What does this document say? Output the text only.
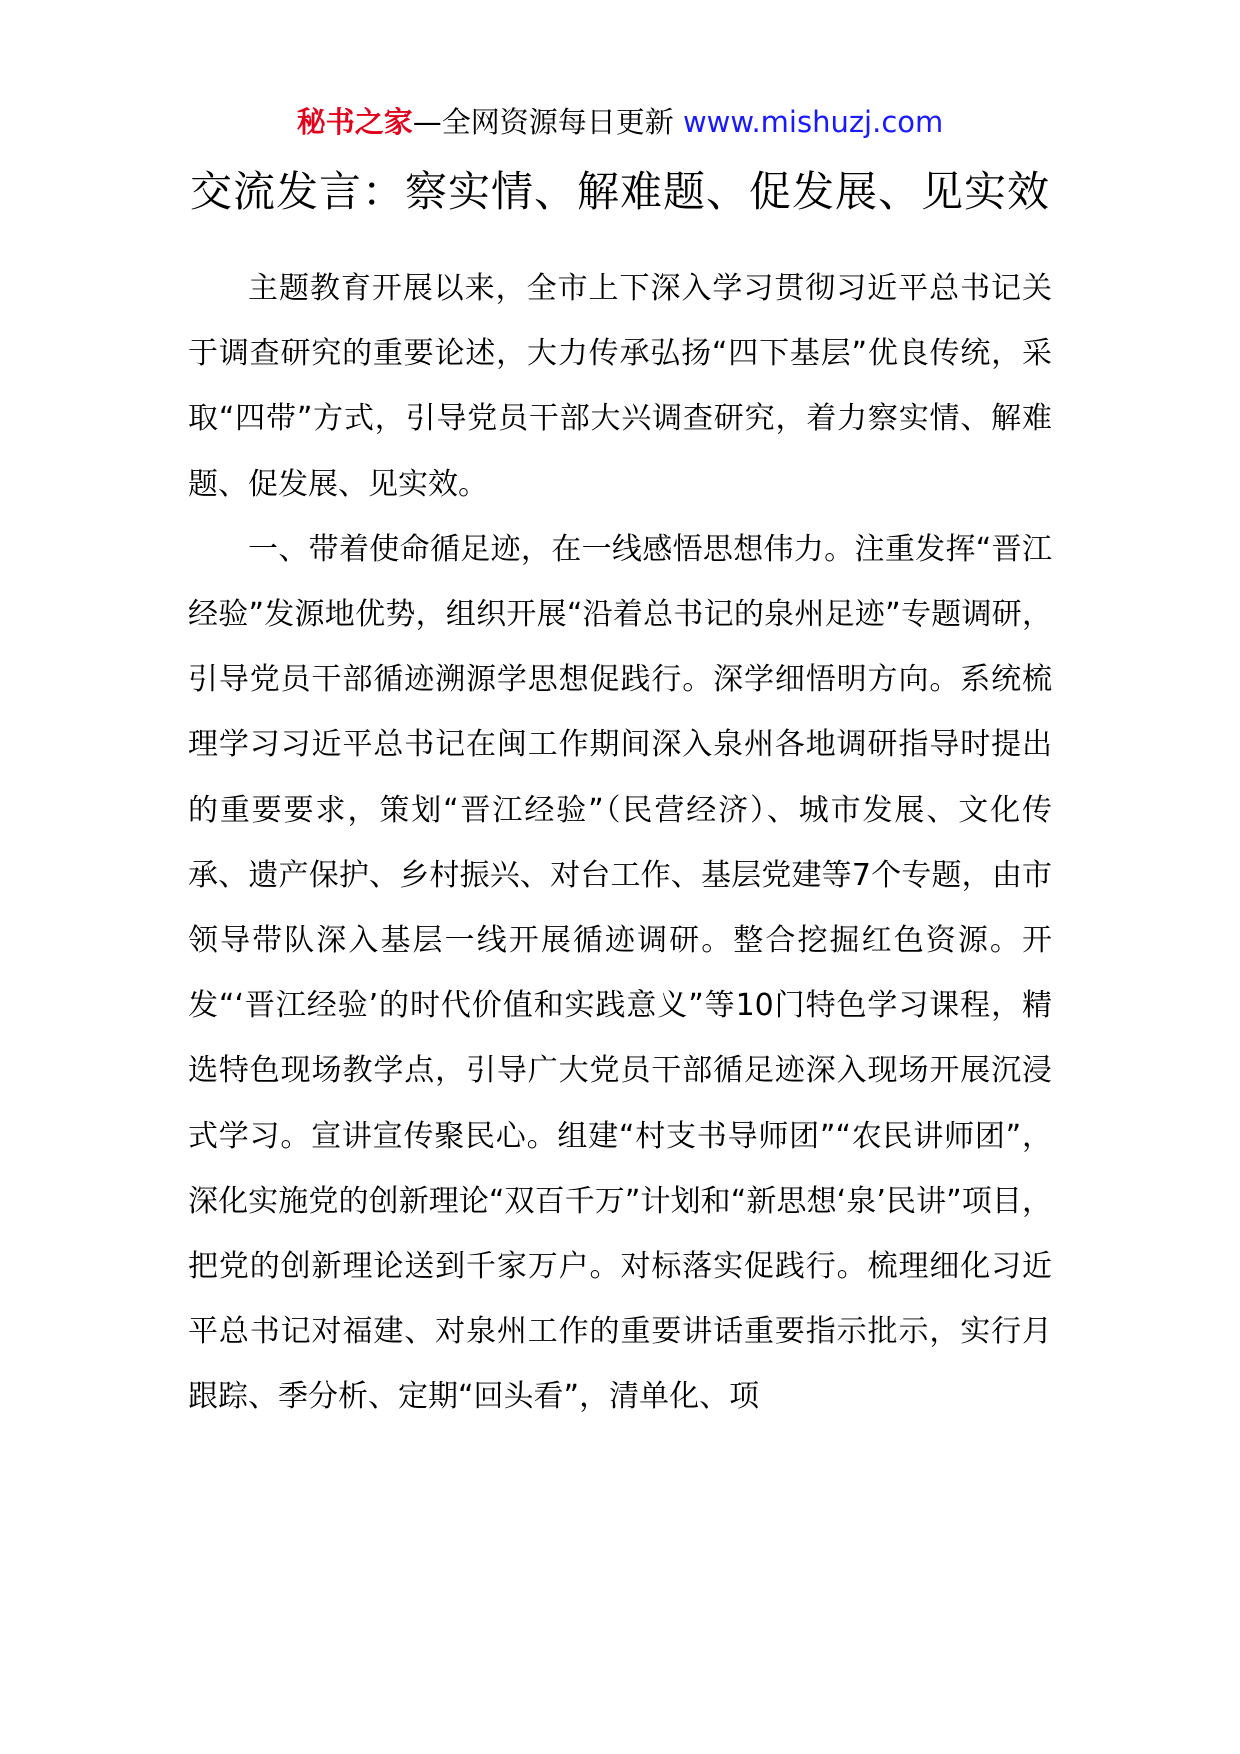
秘书之家—全网资源每日更新 www.mishuzj.com
交流发言：察实情、解难题、促发展、见实效

主题教育开展以来，全市上下深入学习贯彻习近平总书记关于调查研究的重要论述，大力传承弘扬“四下基层”优良传统，采取“四带”方式，引导党员干部大兴调查研究，着力察实情、解难题、促发展、见实效。

一、带着使命循足迹，在一线感悟思想伟力。注重发挥“晋江经验”发源地优势，组织开展“沿着总书记的泉州足迹”专题调研，引导党员干部循迹溯源学思想促践行。深学细悟明方向。系统梳理学习习近平总书记在闽工作期间深入泉州各地调研指导时提出的重要要求，策划“晋江经验”（民营经济）、城市发展、文化传承、遗产保护、乡村振兴、对台工作、基层党建等7个专题，由市领导带队深入基层一线开展循迹调研。整合挖掘红色资源。开发“‘晋江经验’的时代价值和实践意义”等10门特色学习课程，精选特色现场教学点，引导广大党员干部循足迹深入现场开展沉浸式学习。宣讲宣传聚民心。组建“村支书导师团”“农民讲师团”，深化实施党的创新理论“双百千万”计划和“新思想‘泉’民讲”项目，把党的创新理论送到千家万户。对标落实促践行。梳理细化习近平总书记对福建、对泉州工作的重要讲话重要指示批示，实行月跟踪、季分析、定期“回头看”，清单化、项
